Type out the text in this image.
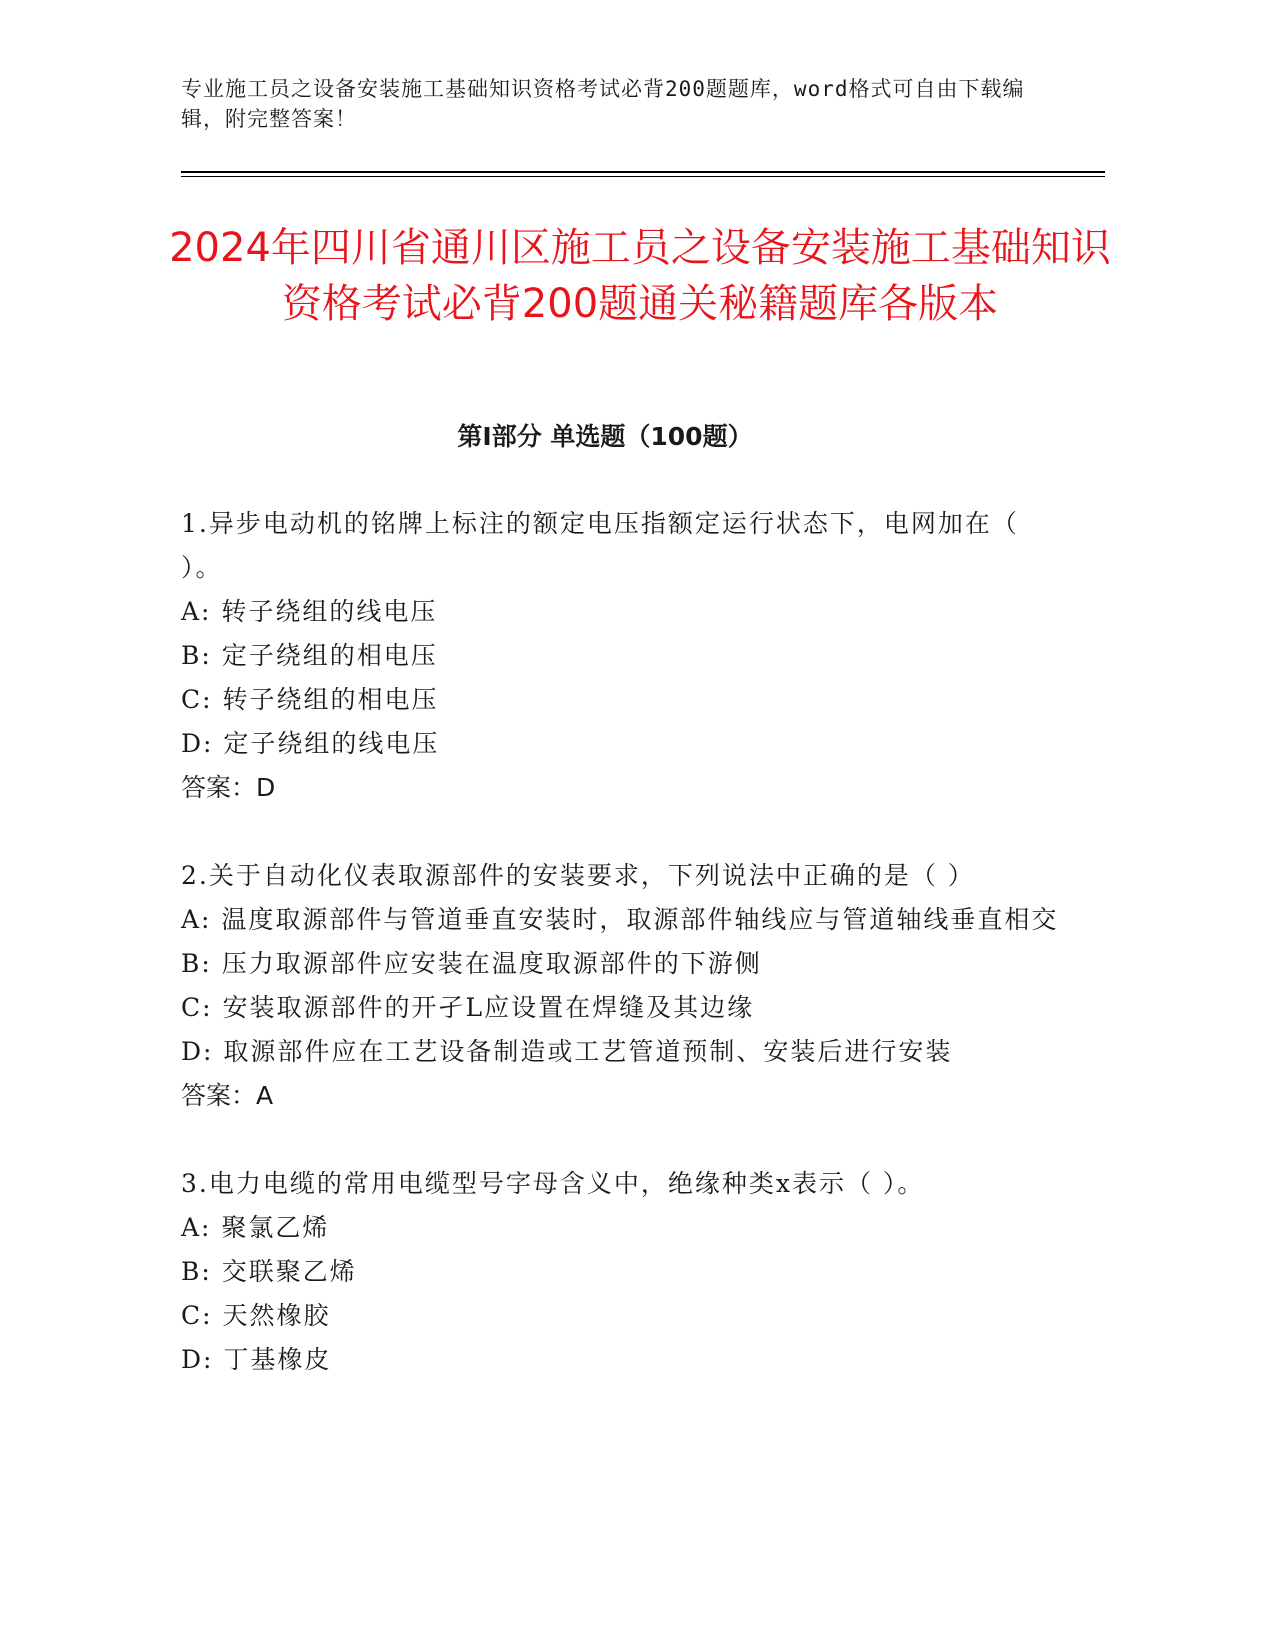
专业施工员之设备安装施工基础知识资格考试必背200题题库，word格式可自由下载编辑，附完整答案！
2024年四川省通川区施工员之设备安装施工基础知识资格考试必背200题通关秘籍题库各版本
第Ⅰ部分 单选题（100题）
1.异步电动机的铭牌上标注的额定电压指额定运行状态下，电网加在（ ）。
A: 转子绕组的线电压
B: 定子绕组的相电压
C: 转子绕组的相电压
D: 定子绕组的线电压
答案：D
2.关于自动化仪表取源部件的安装要求，下列说法中正确的是（ ）
A: 温度取源部件与管道垂直安装时，取源部件轴线应与管道轴线垂直相交
B: 压力取源部件应安装在温度取源部件的下游侧
C: 安装取源部件的开孑L应设置在焊缝及其边缘
D: 取源部件应在工艺设备制造或工艺管道预制、安装后进行安装
答案：A
3.电力电缆的常用电缆型号字母含义中，绝缘种类x表示（ ）。
A: 聚氯乙烯
B: 交联聚乙烯
C: 天然橡胶
D: 丁基橡皮
